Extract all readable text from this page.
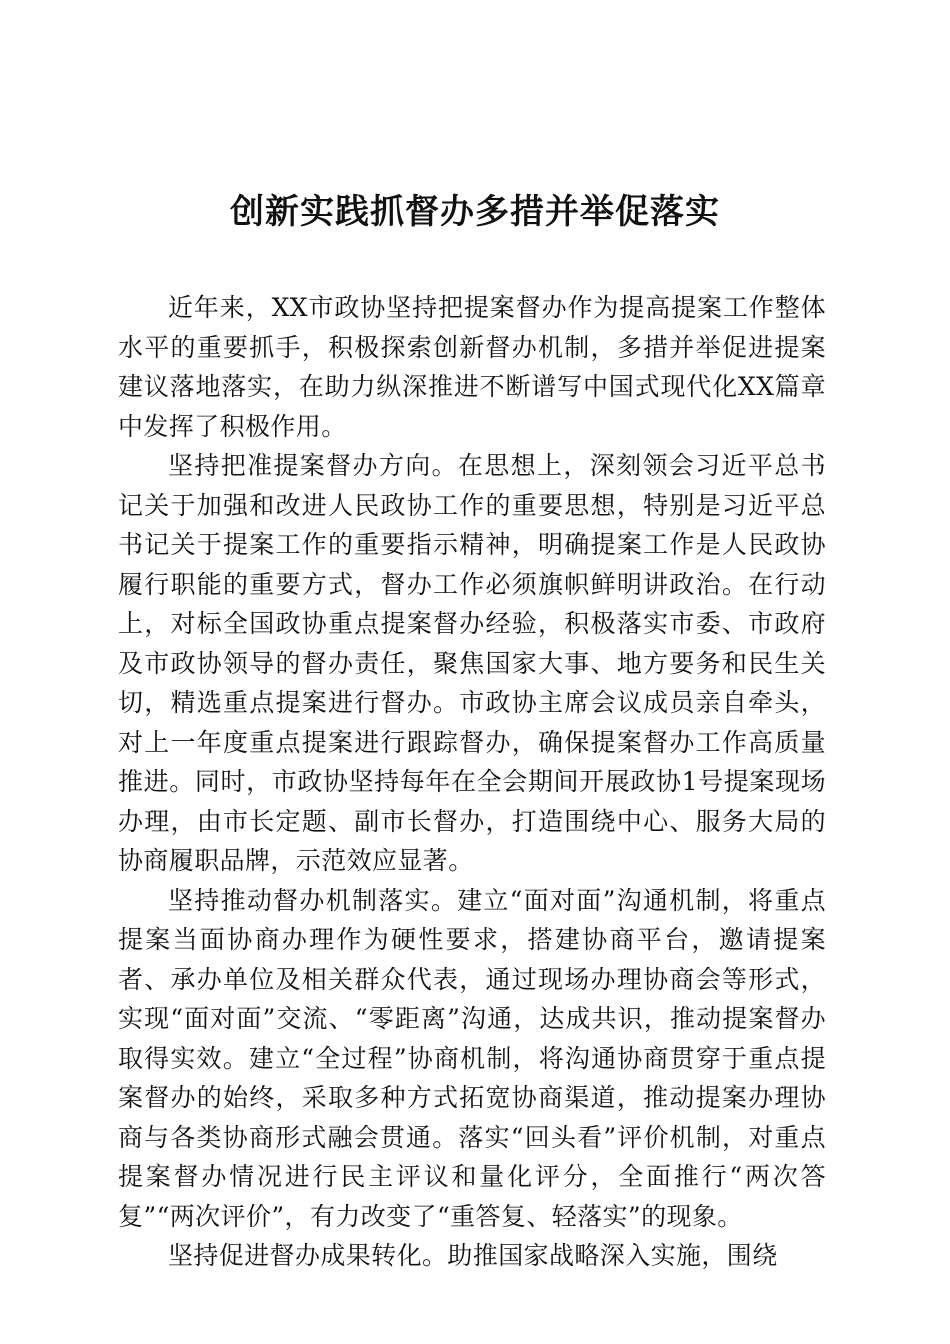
创新实践抓督办多措并举促落实

近年来，XX市政协坚持把提案督办作为提高提案工作整体水平的重要抓手，积极探索创新督办机制，多措并举促进提案建议落地落实，在助力纵深推进不断谱写中国式现代化XX篇章中发挥了积极作用。

坚持把准提案督办方向。在思想上，深刻领会习近平总书记关于加强和改进人民政协工作的重要思想，特别是习近平总书记关于提案工作的重要指示精神，明确提案工作是人民政协履行职能的重要方式，督办工作必须旗帜鲜明讲政治。在行动上，对标全国政协重点提案督办经验，积极落实市委、市政府及市政协领导的督办责任，聚焦国家大事、地方要务和民生关切，精选重点提案进行督办。市政协主席会议成员亲自牵头，对上一年度重点提案进行跟踪督办，确保提案督办工作高质量推进。同时，市政协坚持每年在全会期间开展政协1号提案现场办理，由市长定题、副市长督办，打造围绕中心、服务大局的协商履职品牌，示范效应显著。

坚持推动督办机制落实。建立“面对面”沟通机制，将重点提案当面协商办理作为硬性要求，搭建协商平台，邀请提案者、承办单位及相关群众代表，通过现场办理协商会等形式，实现“面对面”交流、“零距离”沟通，达成共识，推动提案督办取得实效。建立“全过程”协商机制，将沟通协商贯穿于重点提案督办的始终，采取多种方式拓宽协商渠道，推动提案办理协商与各类协商形式融会贯通。落实“回头看”评价机制，对重点提案督办情况进行民主评议和量化评分，全面推行“两次答复”“两次评价”，有力改变了“重答复、轻落实”的现象。

坚持促进督办成果转化。助推国家战略深入实施，围绕
